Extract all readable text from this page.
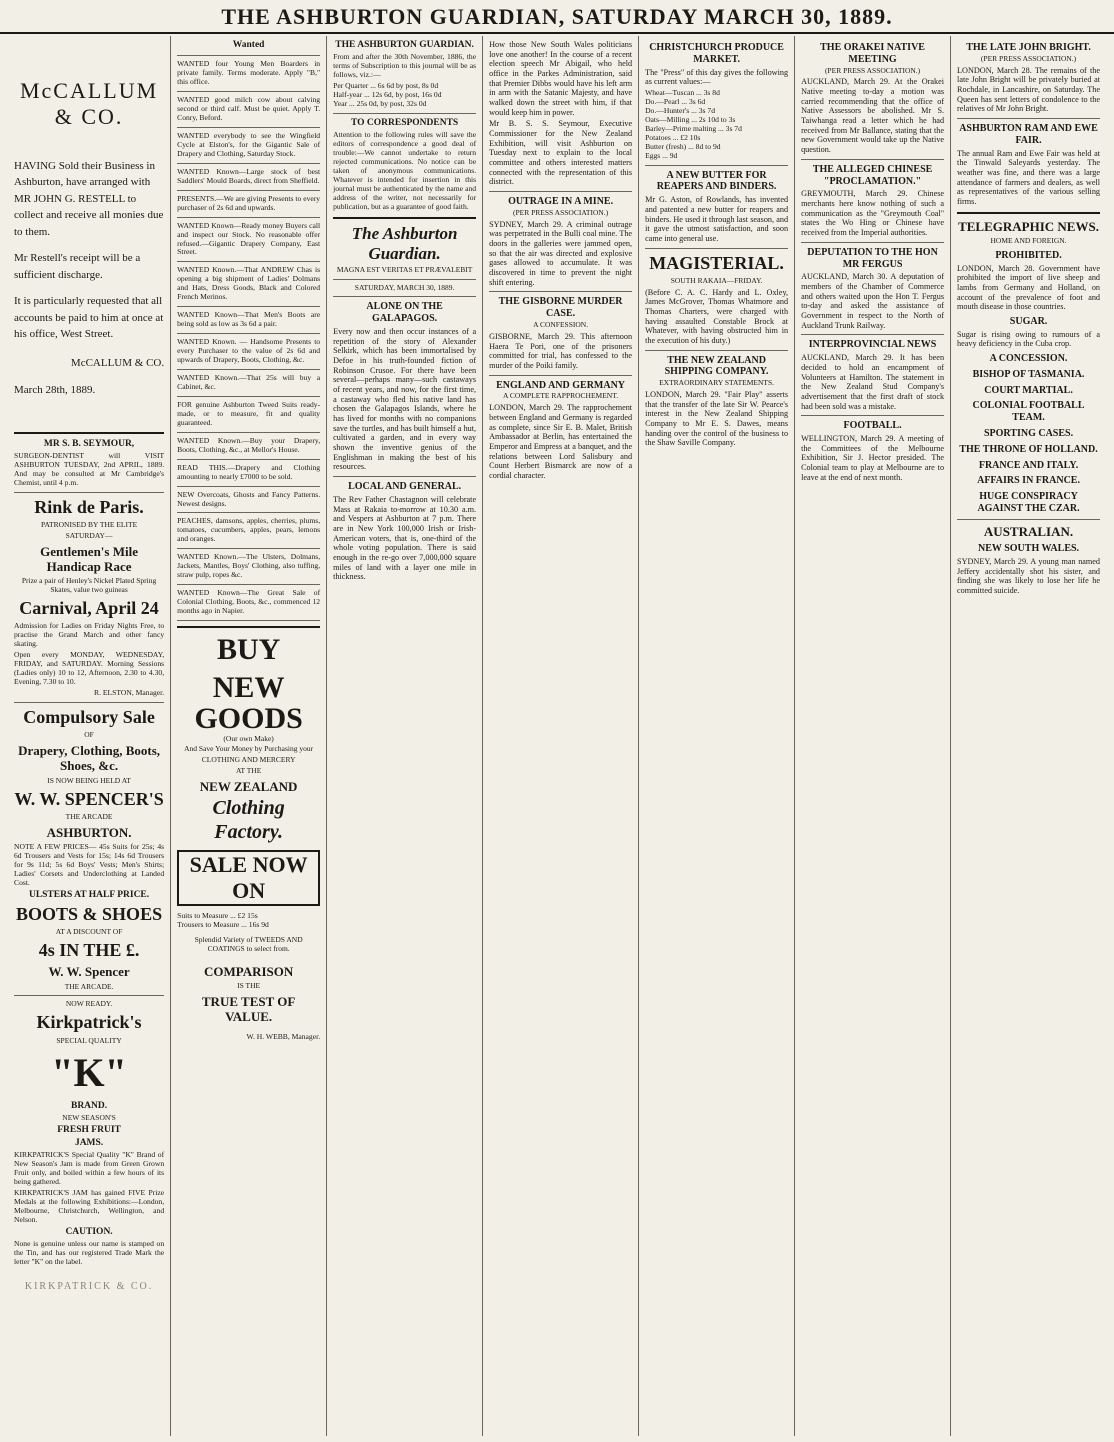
THE ASHBURTON GUARDIAN, SATURDAY MARCH 30, 1889.
McCALLUM & CO.
HAVING Sold their Business in Ashburton, have arranged with MR JOHN G. RESTELL to collect and receive all monies due to them.
Mr Restell's receipt will be a sufficient discharge.
It is particularly requested that all accounts be paid to him at once at his office, West Street.
McCALLUM & CO.
March 28th, 1889.
MR S. B. SEYMOUR,
SURGEON-DENTIST will VISIT ASHBURTON TUESDAY, 2nd APRIL, 1889. And may be consulted at Mr Cambridge's Chemist, until 4 p.m.
Rink de Paris.
PATRONISED BY THE ELITE
SATURDAY—
Gentlemen's Mile Handicap Race
Prize a pair of Henley's Nickel Plated Spring Skates, value two guineas
Carnival, April 24
Admission for Ladies on Friday Nights Free, to practise the Grand March and other fancy skating.
Open every MONDAY, WEDNESDAY, FRIDAY, and SATURDAY. Morning Sessions (Ladies only) 10 to 12, Afternoon, 2.30 to 4.30, Evening, 7.30 to 10.
R. ELSTON, Manager.
Compulsory Sale
OF
Drapery, Clothing, Boots, Shoes, &c.
IS NOW BEING HELD AT
W. W. SPENCER'S
THE ARCADE
ASHBURTON.
NOTE A FEW PRICES— 45s Suits for 25s; 4s 6d Trousers and Vests for 15s; 14s 6d Trousers for 9s 11d; 5s 6d Boys' Vests; Men's Shirts; Ladies' Corsets and Underclothing at Landed Cost.
ULSTERS AT HALF PRICE.
BOOTS & SHOES
AT A DISCOUNT OF
4s IN THE £.
W. W. Spencer
THE ARCADE.
NOW READY.
Kirkpatrick's
SPECIAL QUALITY
"K"
BRAND.
NEW SEASON'S
FRESH FRUIT
JAMS.
KIRKPATRICK'S Special Quality "K" Brand of New Season's Jam is made from Green Grown Fruit only, and boiled within a few hours of its being gathered.
KIRKPATRICK'S JAM has gained FIVE Prize Medals at the following Exhibitions:—London, Melbourne, Christchurch, Wellington, and Nelson.
CAUTION.
None is genuine unless our name is stamped on the Tin, and has our registered Trade Mark the letter "K" on the label.
KIRKPATRICK & CO.
Wanted
WANTED four Young Men Boarders in private family. Terms moderate. Apply "B," this office.
WANTED good milch cow about calving second or third calf. Must be quiet. Apply T. Conry, Beford.
WANTED everybody to see the Wingfield Cycle at Elston's, for the Gigantic Sale of Drapery and Clothing, Saturday Stock.
WANTED Known—Large stock of best Saddlers' Mould Boards, direct from Sheffield.
PRESENTS.—We are giving Presents to every purchaser of 2s 6d and upwards.
WANTED Known—Ready money Buyers call and inspect our Stock. No reasonable offer refused.—Gigantic Drapery Company, East Street.
WANTED Known.—That ANDREW Chas is opening a big shipment of Ladies' Dolmans and Hats, Dress Goods, Black and Colored French Merinos.
WANTED Known—That Men's Boots are being sold as low as 3s 6d a pair.
WANTED Known. — Handsome Presents to every Purchaser to the value of 2s 6d and upwards of Drapery, Boots, Clothing, &c.
WANTED Known.—That 25s will buy a Cabinet, &c.
FOR genuine Ashburton Tweed Suits ready-made, or to measure, fit and quality guaranteed.
WANTED Known.—Buy your Drapery, Boots, Clothing, &c., at Mellor's House.
READ THIS.—Drapery and Clothing amounting to nearly £7000 to be sold.
NEW Overcoats, Ghosts and Fancy Patterns. Newest designs.
PEACHES, damsons, apples, cherries, plums, tomatoes, cucumbers, apples, pears, lemons and oranges.
WANTED Known.—The Ulsters, Dolmans, Jackets, Mantles, Boys' Clothing, also tuffing, straw pulp, ropes &c.
WANTED Known—The Great Sale of Colonial Clothing, Boots, &c., commenced 12 months ago in Napier.
BUY
NEW GOODS
(Our own Make)
And Save Your Money by Purchasing your
CLOTHING AND MERCERY
AT THE
NEW ZEALAND
Clothing Factory.
SALE NOW ON
Suits to Measure ... £2 15s
Trousers to Measure ... 16s 9d
Splendid Variety of TWEEDS AND COATINGS to select from.
COMPARISON
IS THE
TRUE TEST OF VALUE.
W. H. WEBB, Manager.
THE ASHBURTON GUARDIAN.
From and after the 30th November, 1886, the terms of Subscription to this journal will be as follows, viz.:—
Per Quarter ... 6s 6d by post, 8s 0d
Half-year ... 12s 6d, by post, 16s 0d
Year ... 25s 0d, by post, 32s 0d
TO CORRESPONDENTS
Attention to the following rules will save the editors of correspondence a good deal of trouble:—We cannot undertake to return rejected communications. No notice can be taken of anonymous communications. Whatever is intended for insertion in this journal must be authenticated by the name and address of the writer, not necessarily for publication, but as a guarantee of good faith.
The Ashburton Guardian.
MAGNA EST VERITAS ET PRÆVALEBIT
SATURDAY, MARCH 30, 1889.
ALONE ON THE GALAPAGOS.
Every now and then occur instances of a repetition of the story of Alexander Selkirk, which has been immortalised by Defoe in his truth-founded fiction of Robinson Crusoe. For there have been several—perhaps many—such castaways of recent years, and now, for the first time, a castaway who fled his native land has chosen the Galapagos Islands, where he has lived for months with no companions save the turtles, and has built himself a hut, cultivated a garden, and in every way shown the inventive genius of the Englishman in making the best of his resources.
LOCAL AND GENERAL.
The Rev Father Chastagnon will celebrate Mass at Rakaia to-morrow at 10.30 a.m. and Vespers at Ashburton at 7 p.m. There are in New York 100,000 Irish or Irish-American voters, that is, one-third of the whole voting population. There is said enough in the re-go over 7,000,000 square miles of land with a layer one mile in thickness.
How those New South Wales politicians love one another! In the course of a recent election speech Mr Abigail, who held office in the Parkes Administration, said that Premier Dibbs would have his left arm in arm with the Satanic Majesty, and have walked down the street with him, if that would keep him in power.
Mr B. S. S. Seymour, Executive Commissioner for the New Zealand Exhibition, will visit Ashburton on Tuesday next to explain to the local committee and others interested matters connected with the representation of this district.
OUTRAGE IN A MINE.
(PER PRESS ASSOCIATION.)
SYDNEY, March 29. A criminal outrage was perpetrated in the Bulli coal mine. The doors in the galleries were jammed open, so that the air was directed and explosive gases allowed to accumulate. It was discovered in time to prevent the night shift entering.
THE GISBORNE MURDER CASE.
A CONFESSION.
GISBORNE, March 29. This afternoon Haera Te Pori, one of the prisoners committed for trial, has confessed to the murder of the Poiki family.
ENGLAND AND GERMANY
A COMPLETE RAPPROCHEMENT.
LONDON, March 29. The rapprochement between England and Germany is regarded as complete, since Sir E. B. Malet, British Ambassador at Berlin, has entertained the Emperor and Empress at a banquet, and the relations between Lord Salisbury and Count Herbert Bismarck are now of a cordial character.
CHRISTCHURCH PRODUCE MARKET.
The "Press" of this day gives the following as current values:—
Wheat—Tuscan ... 3s 8d
Do.—Pearl ... 3s 6d
Do.—Hunter's ... 3s 7d
Oats—Milling ... 2s 10d to 3s
Barley—Prime malting ... 3s 7d
Potatoes ... £2 10s
Butter (fresh) ... 8d to 9d
Eggs ... 9d
A NEW BUTTER FOR REAPERS AND BINDERS.
Mr G. Aston, of Rowlands, has invented and patented a new butter for reapers and binders. He used it through last season, and it gave the utmost satisfaction, and soon came into general use.
MAGISTERIAL.
SOUTH RAKAIA—FRIDAY.
(Before C. A. C. Hardy and L. Oxley, James McGrover, Thomas Whatmore and Thomas Charters, were charged with having assaulted Constable Brock at Whatever, with having obstructed him in the execution of his duty.)
THE NEW ZEALAND SHIPPING COMPANY.
EXTRAORDINARY STATEMENTS.
LONDON, March 29. "Fair Play" asserts that the transfer of the late Sir W. Pearce's interest in the New Zealand Shipping Company to Mr E. S. Dawes, means handing over the control of the business to the Shaw Saville Company.
THE ORAKEI NATIVE MEETING
(PER PRESS ASSOCIATION.)
AUCKLAND, March 29. At the Orakei Native meeting to-day a motion was carried recommending that the office of Native Assessors be abolished. Mr S. Taiwhanga read a letter which he had received from Mr Ballance, stating that the new Government would take up the Native question.
THE ALLEGED CHINESE "PROCLAMATION."
GREYMOUTH, March 29. Chinese merchants here know nothing of such a communication as the "Greymouth Coal" states the Wo Hing or Chinese have received from the Imperial authorities.
DEPUTATION TO THE HON MR FERGUS
AUCKLAND, March 30. A deputation of members of the Chamber of Commerce and others waited upon the Hon T. Fergus to-day and asked the assistance of Government in respect to the North of Auckland Trunk Railway.
INTERPROVINCIAL NEWS
AUCKLAND, March 29. It has been decided to hold an encampment of Volunteers at Hamilton. The statement in the New Zealand Stud Company's advertisement that the first draft of stock had been sold was a mistake.
FOOTBALL.
WELLINGTON, March 29. A meeting of the Committees of the Melbourne Exhibition, Sir J. Hector presided. The Colonial team to play at Melbourne are to leave at the end of next month.
THE LATE JOHN BRIGHT.
(PER PRESS ASSOCIATION.)
LONDON, March 28. The remains of the late John Bright will be privately buried at Rochdale, in Lancashire, on Saturday. The Queen has sent letters of condolence to the relatives of Mr John Bright.
ASHBURTON RAM AND EWE FAIR.
The annual Ram and Ewe Fair was held at the Tinwald Saleyards yesterday. The weather was fine, and there was a large attendance of farmers and dealers, as well as representatives of the various selling firms.
TELEGRAPHIC NEWS.
HOME AND FOREIGN.
PROHIBITED.
LONDON, March 28. Government have prohibited the import of live sheep and lambs from Germany and Holland, on account of the prevalence of foot and mouth disease in those countries.
SUGAR.
Sugar is rising owing to rumours of a heavy deficiency in the Cuba crop.
A CONCESSION.
BISHOP OF TASMANIA.
COURT MARTIAL.
COLONIAL FOOTBALL TEAM.
SPORTING CASES.
THE THRONE OF HOLLAND.
FRANCE AND ITALY.
AFFAIRS IN FRANCE.
HUGE CONSPIRACY AGAINST THE CZAR.
AUSTRALIAN.
NEW SOUTH WALES.
SYDNEY, March 29. A young man named Jeffery accidentally shot his sister, and finding she was likely to lose her life he committed suicide.
